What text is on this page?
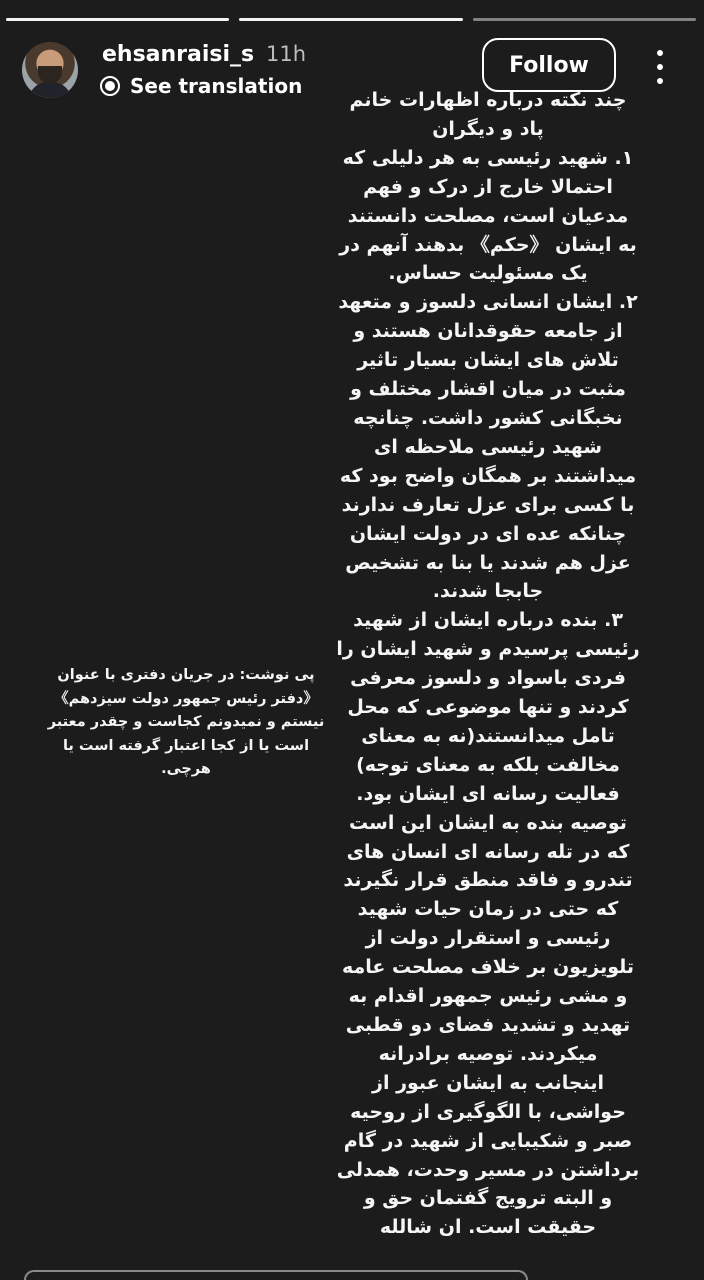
ehsanraisi_s 11h
See translation
Follow
چند نکته درباره اظهارات خانم
پاد و دیگران
۱. شهید رئیسی به هر دلیلی که
احتمالا خارج از درک و فهم
مدعیان است، مصلحت دانستند
به ایشان 《حکم》 بدهند آنهم در
یک مسئولیت حساس.
۲. ایشان انسانی دلسوز و متعهد
از جامعه حقوقدانان هستند و
تلاش های ایشان بسیار تاثیر
مثبت در میان اقشار مختلف و
نخبگانی کشور داشت. چنانچه
شهید رئیسی ملاحظه ای
میداشتند بر همگان واضح بود که
با کسی برای عزل تعارف ندارند
چنانکه عده ای در دولت ایشان
عزل هم شدند یا بنا به تشخیص
جابجا شدند.
۳. بنده درباره ایشان از شهید
رئیسی پرسیدم و شهید ایشان را
فردی باسواد و دلسوز معرفی
کردند و تنها موضوعی که محل
تامل میدانستند(نه به معنای
مخالفت بلکه به معنای توجه)
فعالیت رسانه ای ایشان بود.
توصیه بنده به ایشان این است
که در تله رسانه ای انسان های
تندرو و فاقد منطق قرار نگیرند
که حتی در زمان حیات شهید
رئیسی و استقرار دولت از
تلویزیون بر خلاف مصلحت عامه
و مشی رئیس جمهور اقدام به
تهدید و تشدید فضای دو قطبی
میکردند. توصیه برادرانه
اینجانب به ایشان عبور از
حواشی، با الگوگیری از روحیه
صبر و شکیبایی از شهید در گام
برداشتن در مسیر وحدت، همدلی
و البته ترویج گفتمان حق و
حقیقت است. ان شالله
پی نوشت: در جریان دفتری با عنوان
《دفتر رئیس جمهور دولت سیزدهم》
نیستم و نمیدونم کجاست و چقدر معتبر
است یا از کجا اعتبار گرفته است یا
هرچی.
